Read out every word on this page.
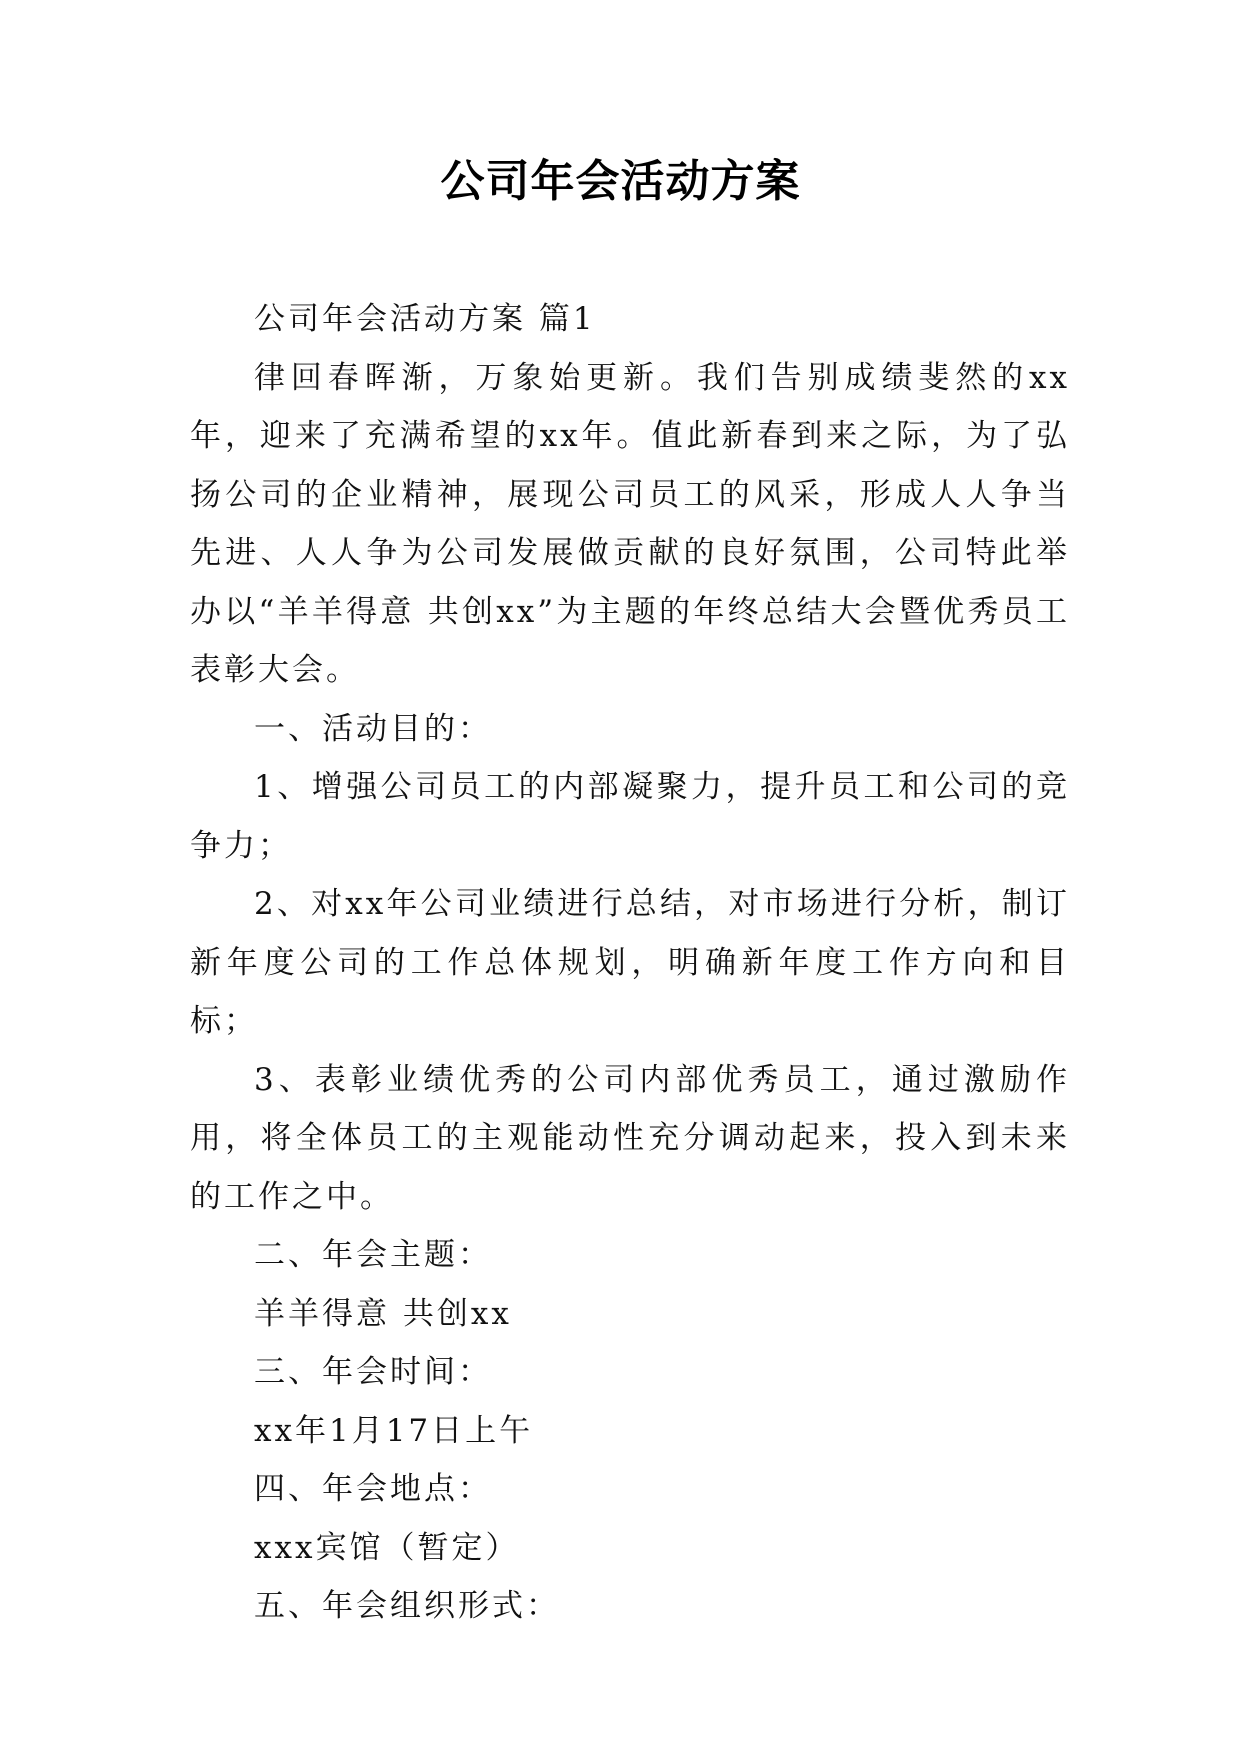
公司年会活动方案

公司年会活动方案 篇1

律回春晖渐，万象始更新。我们告别成绩斐然的xx年，迎来了充满希望的xx年。值此新春到来之际，为了弘扬公司的企业精神，展现公司员工的风采，形成人人争当先进、人人争为公司发展做贡献的良好氛围，公司特此举办以“羊羊得意 共创xx”为主题的年终总结大会暨优秀员工表彰大会。

一、活动目的：

1、增强公司员工的内部凝聚力，提升员工和公司的竞争力；

2、对xx年公司业绩进行总结，对市场进行分析，制订新年度公司的工作总体规划，明确新年度工作方向和目标；

3、表彰业绩优秀的公司内部优秀员工，通过激励作用，将全体员工的主观能动性充分调动起来，投入到未来的工作之中。

二、年会主题：

羊羊得意 共创xx

三、年会时间：

xx年1月17日上午

四、年会地点：

xxx宾馆（暂定）

五、年会组织形式：
